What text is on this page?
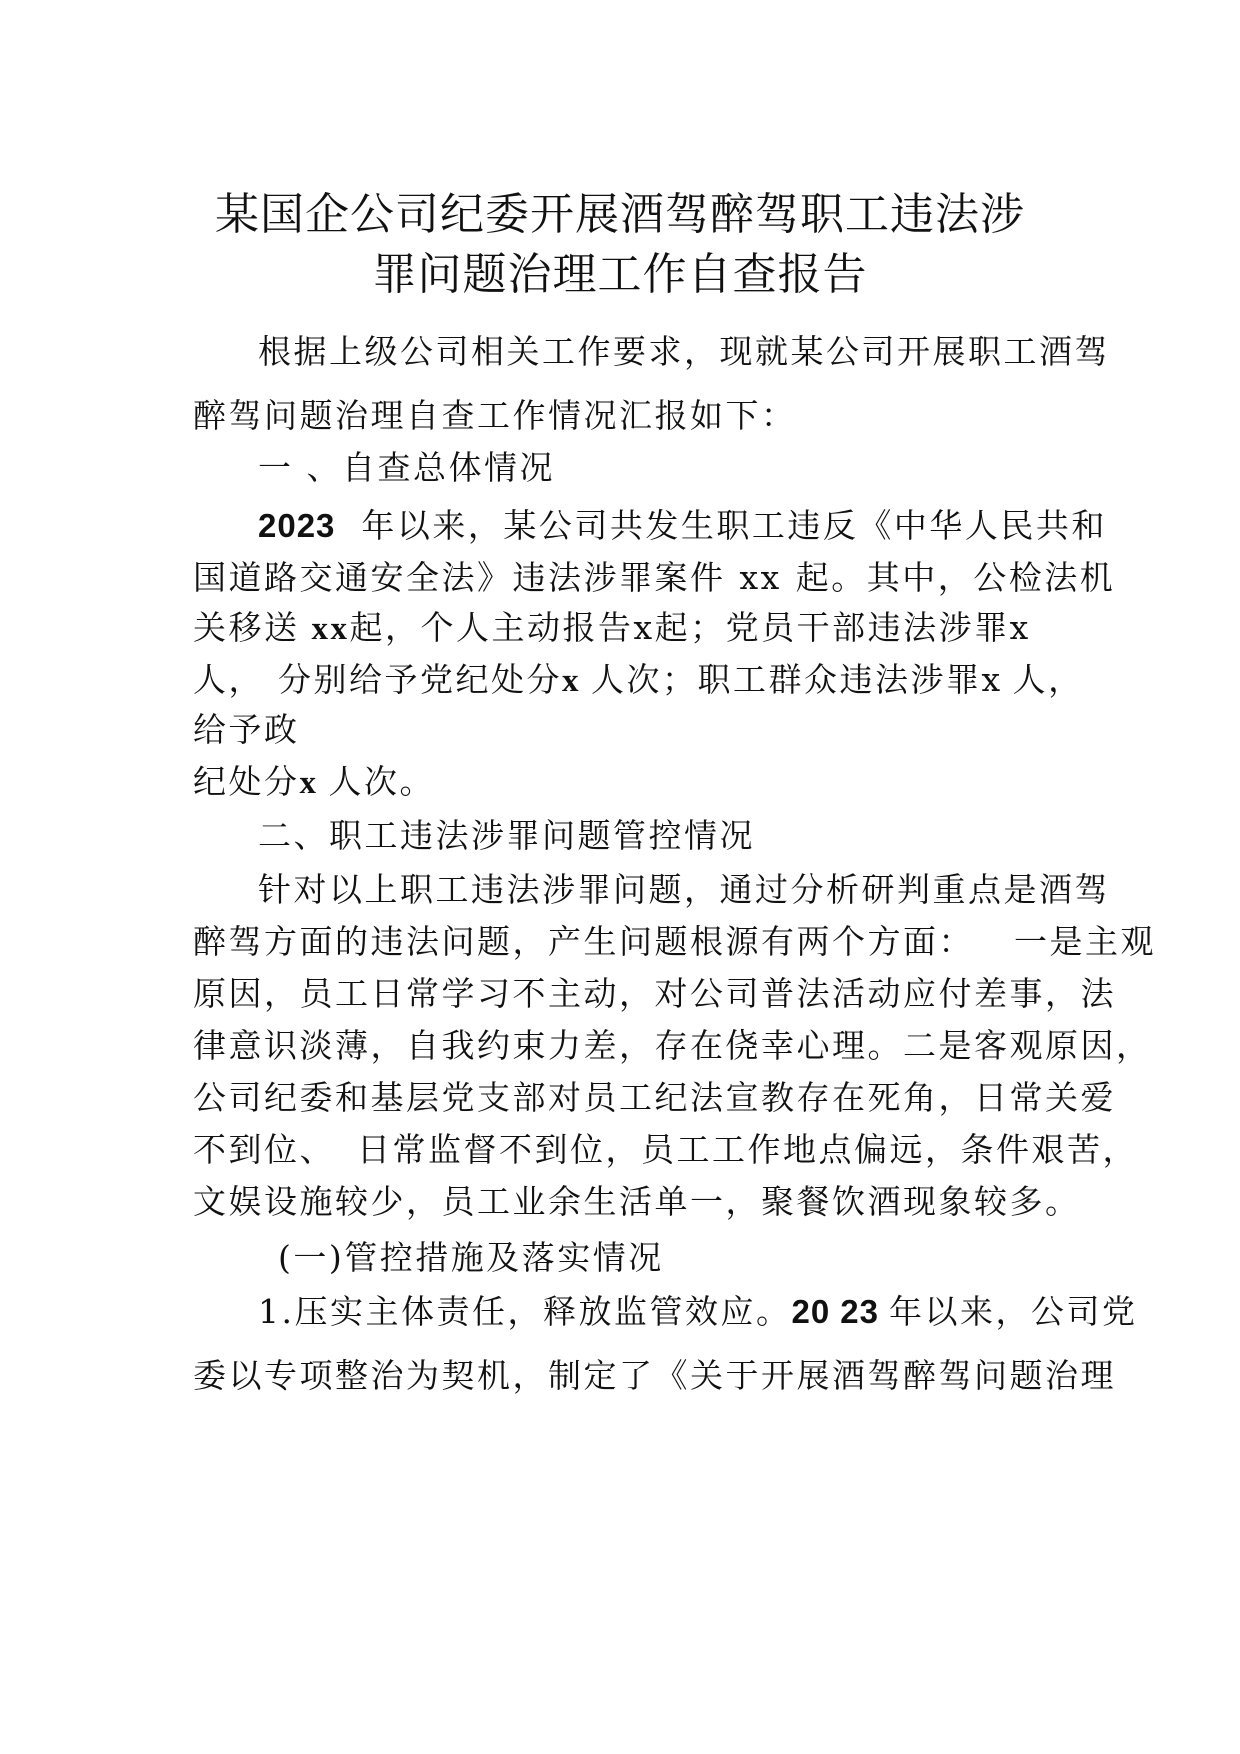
某国企公司纪委开展酒驾醉驾职工违法涉
罪问题治理工作自查报告
根据上级公司相关工作要求，现就某公司开展职工酒驾
醉驾问题治理自查工作情况汇报如下：
一 、自查总体情况
2023 年以来，某公司共发生职工违反《中华人民共和
国道路交通安全法》违法涉罪案件 xx 起。其中，公检法机
关移送 xx起，个人主动报告x起；党员干部违法涉罪x
人， 分别给予党纪处分x 人次；职工群众违法涉罪x 人，
给予政
纪处分x 人次。
二、职工违法涉罪问题管控情况
针对以上职工违法涉罪问题，通过分析研判重点是酒驾
醉驾方面的违法问题，产生问题根源有两个方面： 一是主观
原因，员工日常学习不主动，对公司普法活动应付差事，法
律意识淡薄，自我约束力差，存在侥幸心理。二是客观原因，
公司纪委和基层党支部对员工纪法宣教存在死角，日常关爱
不到位、 日常监督不到位，员工工作地点偏远，条件艰苦，
文娱设施较少，员工业余生活单一，聚餐饮酒现象较多。
(一)管控措施及落实情况
1.压实主体责任，释放监管效应。20 23 年以来，公司党
委以专项整治为契机，制定了《关于开展酒驾醉驾问题治理
